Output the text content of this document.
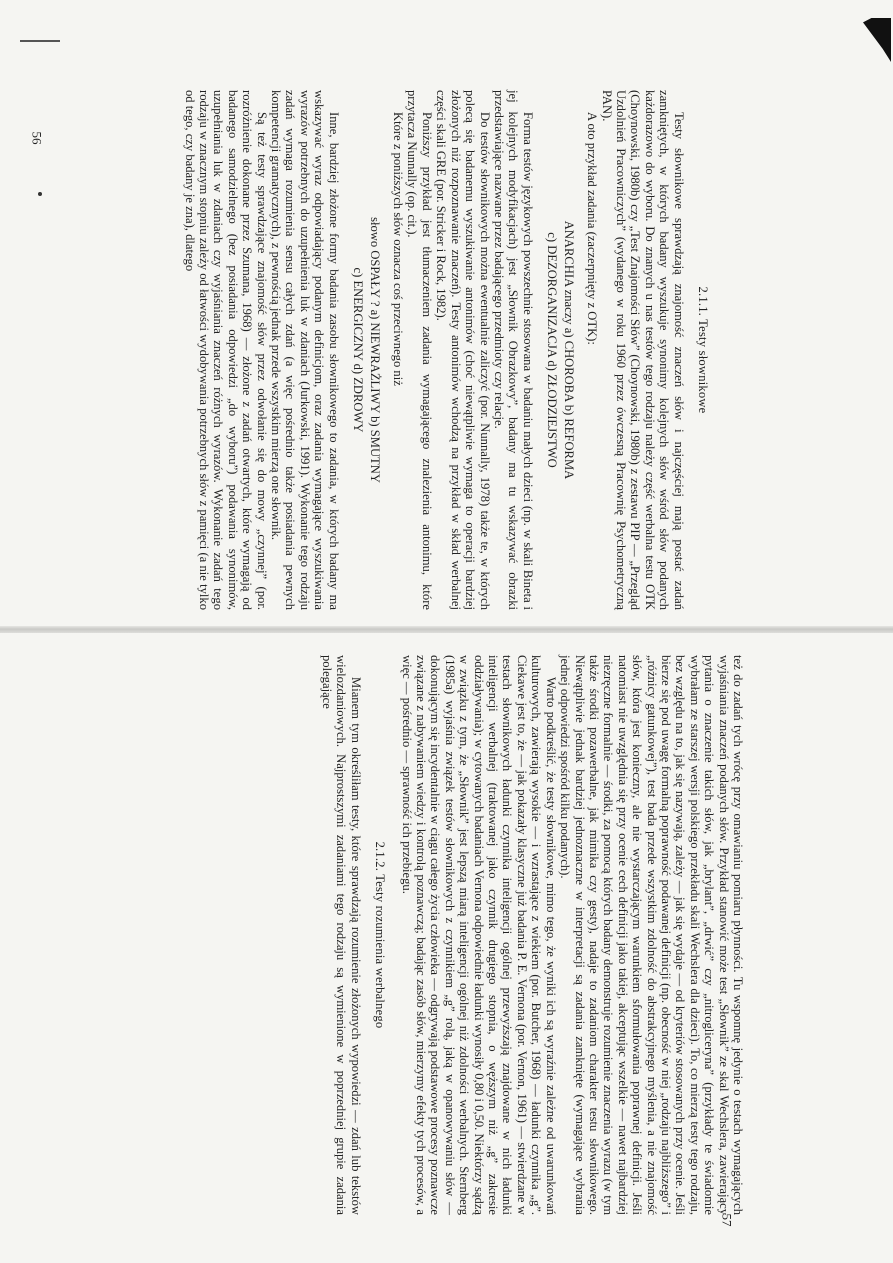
2.1.1. Testy słownikowe

Testy słownikowe sprawdzają znajomość znaczeń słów i najczęściej mają postać zadań zamkniętych, w których badany wyszukuje synonimy kolejnych słów wśród słów podanych każdorazowo do wyboru. Do znanych u nas testów tego rodzaju należy część werbalna testu OTK (Choynowski, 1980b) czy „Test Znajomości Słów” (Choynowski, 1980b) z zestawu PIP — „Przegląd Uzdolnień Pracowniczych” (wydanego w roku 1960 przez ówczesną Pracownię Psychometryczną PAN).

A oto przykład zadania (zaczerpnięty z OTK):

ANARCHIA znaczy a) CHOROBA b) REFORMA
c) DEZORGANIZACJA d) ZŁODZIEJSTWO

Forma testów językowych powszechnie stosowana w badaniu małych dzieci (np. w skali Bineta i jej kolejnych modyfikacjach) jest „Słownik Obrazkowy”, badany ma tu wskazywać obrazki przedstawiające nazwane przez badającego przedmioty czy relacje.

Do testów słownikowych można ewentualnie zaliczyć (por. Nunnally, 1978) także te, w których polecą się badanemu wyszukiwanie antonimów (choć niewątpliwie wymaga to operacji bardziej złożonych niż rozpoznawanie znaczeń). Testy antonimów wchodzą na przykład w skład werbalnej części skali GRE (por. Stricker i Rock, 1982).

Poniższy przykład jest tłumaczeniem zadania wymagającego znalezienia antonimu, które przytacza Nunnally (op. cit.).

Które z poniższych słów oznacza coś przeciwnego niż

słowo OSPAŁY ? a) NIEWRAŻLIWY b) SMUTNY
c) ENERGICZNY d) ZDROWY

Inne, bardziej złożone formy badania zasobu słownikowego to zadania, w których badany ma wskazywać wyraz odpowiadający podanym definicjom, oraz zadania wymagające wyszukiwania wyrazów potrzebnych do uzupełnienia luk w zdaniach (Jurkowski, 1991). Wykonanie tego rodzaju zadań wymaga rozumienia sensu całych zdań (a więc pośrednio także posiadania pewnych kompetencji gramatycznych), z pewnością jednak przede wszystkim mierzą one słownik.

Są też testy sprawdzające znajomość słów przez odwołanie się do mowy „czynnej” (por. rozróżnienie dokonane przez Szumana, 1968) — złożone z zadań otwartych, które wymagają od badanego samodzielnego (bez posiadania odpowiedzi „do wyboru”) podawania synonimów, uzupełniania luk w zdaniach czy wyjaśniania znaczeń różnych wyrazów. Wykonanie zadań tego rodzaju w znacznym stopniu zależy od łatwości wydobywania potrzebnych słów z pamięci (a nie tylko od tego, czy badany je zna), dlatego

56

też do zadań tych wrócę przy omawianiu pomiaru płynności. Tu wspomnę jedynie o testach wymagających wyjaśniania znaczeń podanych słów. Przykład stanowić może test „Słownik” ze skal Wechslera, zawierający pytania o znaczenie takich słów, jak „brylant”, „drwić” czy „nitrogliceryna” (przykłady te świadomie wybrałam ze starszej wersji polskiego przekładu skali Wechslera dla dzieci). To, co mierzą testy tego rodzaju, bez względu na to, jak się nazywają, zależy — jak się wydaje — od kryteriów stosowanych przy ocenie. Jeśli bierze się pod uwagę formalną poprawność podawanej definicji (np. obecność w niej „rodzaju najbliższego” i „różnicy gatunkowej”), test bada przede wszystkim zdolność do abstrakcyjnego myślenia, a nie znajomość słów, która jest konieczny, ale nie wystarczającym warunkiem sformułowania poprawnej definicji. Jeśli natomiast nie uwzględnia się przy ocenie cech definicji jako takiej, akceptując wszelkie — nawet najbardziej niezręczne formalnie — środki, za pomocą których badany demonstruje rozumienie znaczenia wyrazu (w tym także środki pozawerbalne, jak mimika czy gesty), nadaje to zadaniom charakter testu słownikowego. Niewątpliwie jednak bardziej jednoznaczne w interpretacji są zadania zamknięte (wymagające wybrania jednej odpowiedzi spośród kilku podanych).

Warto podkreślić, że testy słownikowe, mimo tego, że wyniki ich są wyraźnie zależne od uwarunkowań kulturowych, zawierają wysokie — i wzrastające z wiekiem (por. Butcher, 1968) — ładunki czynnika „g”. Ciekawe jest to, że — jak pokazały klasyczne już badania P. E. Vernona (por. Vernon, 1961) — stwierdzane w testach słownikowych ładunki czynnika inteligencji ogólnej przewyższają znajdowane w nich ładunki inteligencji werbalnej (traktowanej jako czynnik drugiego stopnia, o węższym niż „g” zakresie oddziaływania); w cytowanych badaniach Vernona odpowiednie ładunki wynosiły 0,80 i 0,50. Niektórzy sądzą w związku z tym, że „Słownik” jest lepszą miarą inteligencji ogólnej niż zdolności werbalnych. Sternberg (1985a) wyjaśnia związek testów słownikowych z czynnikiem „g” rolą, jaką w opanowywaniu słów — dokonującym się incydentalnie w ciągu całego życia człowieka — odgrywają podstawowe procesy poznawcze związane z nabywaniem wiedzy i kontrolą poznawczą; badając zasób słów, mierzymy efekty tych procesów, a więc — pośrednio — sprawność ich przebiegu.

2.1.2. Testy rozumienia werbalnego

Mianem tym określiłam testy, które sprawdzają rozumienie złożonych wypowiedzi — zdań lub tekstów wielozdaniowych. Najprostszymi zadaniami tego rodzaju są wymienione w poprzedniej grupie zadania polegające

57
